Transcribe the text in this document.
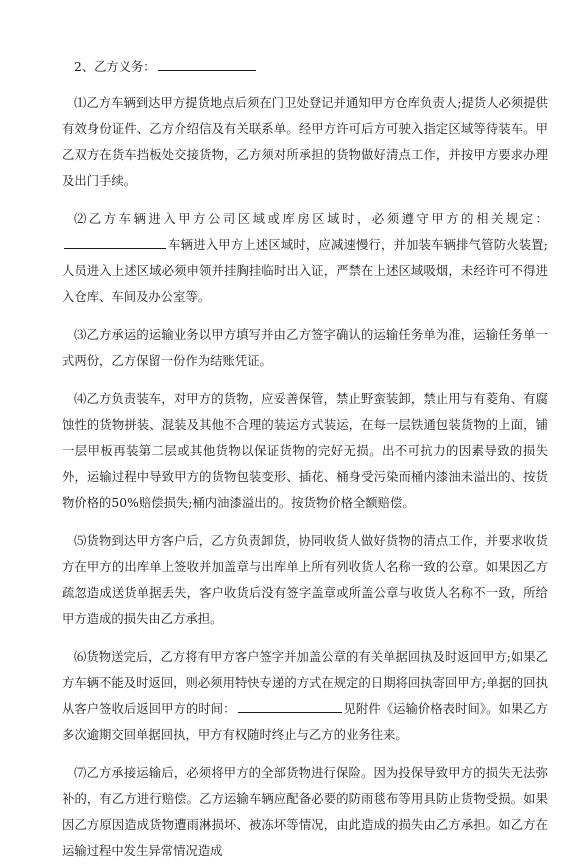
2、乙方义务：

⑴乙方车辆到达甲方提货地点后须在门卫处登记并通知甲方仓库负责人;提货人必须提供有效身份证件、乙方介绍信及有关联系单。经甲方许可后方可驶入指定区域等待装车。甲乙双方在货车挡板处交接货物，乙方须对所承担的货物做好清点工作，并按甲方要求办理及出门手续。

⑵乙方车辆进入甲方公司区域或库房区域时，必须遵守甲方的相关规定：车辆进入甲方上述区域时，应减速慢行，并加装车辆排气管防火装置;人员进入上述区域必须申领并挂胸挂临时出入证，严禁在上述区域吸烟，未经许可不得进入仓库、车间及办公室等。

⑶乙方承运的运输业务以甲方填写并由乙方签字确认的运输任务单为准，运输任务单一式两份，乙方保留一份作为结账凭证。

⑷乙方负责装车，对甲方的货物，应妥善保管，禁止野蛮装卸，禁止用与有菱角、有腐蚀性的货物拼装、混装及其他不合理的装运方式装运，在每一层铁通包装货物的上面，铺一层甲板再装第二层或其他货物以保证货物的完好无损。出不可抗力的因素导致的损失外，运输过程中导致甲方的货物包装变形、插花、桶身受污染而桶内漆油未溢出的、按货物价格的50%赔偿损失;桶内油漆溢出的。按货物价格全额赔偿。

⑸货物到达甲方客户后，乙方负责卸货，协同收货人做好货物的清点工作，并要求收货方在甲方的出库单上签收并加盖章与出库单上所有列收货人名称一致的公章。如果因乙方疏忽造成送货单据丢失，客户收货后没有签字盖章或所盖公章与收货人名称不一致，所给甲方造成的损失由乙方承担。

⑹货物送完后，乙方将有甲方客户签字并加盖公章的有关单据回执及时返回甲方;如果乙方车辆不能及时返回，则必须用特快专递的方式在规定的日期将回执寄回甲方;单据的回执从客户签收后返回甲方的时间：	见附件《运输价格表时间》。如果乙方多次逾期交回单据回执，甲方有权随时终止与乙方的业务往来。

⑺乙方承接运输后，必须将甲方的全部货物进行保险。因为投保导致甲方的损失无法弥补的，有乙方进行赔偿。乙方运输车辆应配备必要的防雨毯布等用具防止货物受损。如果因乙方原因造成货物遭雨淋损坏、被冻坏等情况，由此造成的损失由乙方承担。如乙方在运输过程中发生异常情况造成
